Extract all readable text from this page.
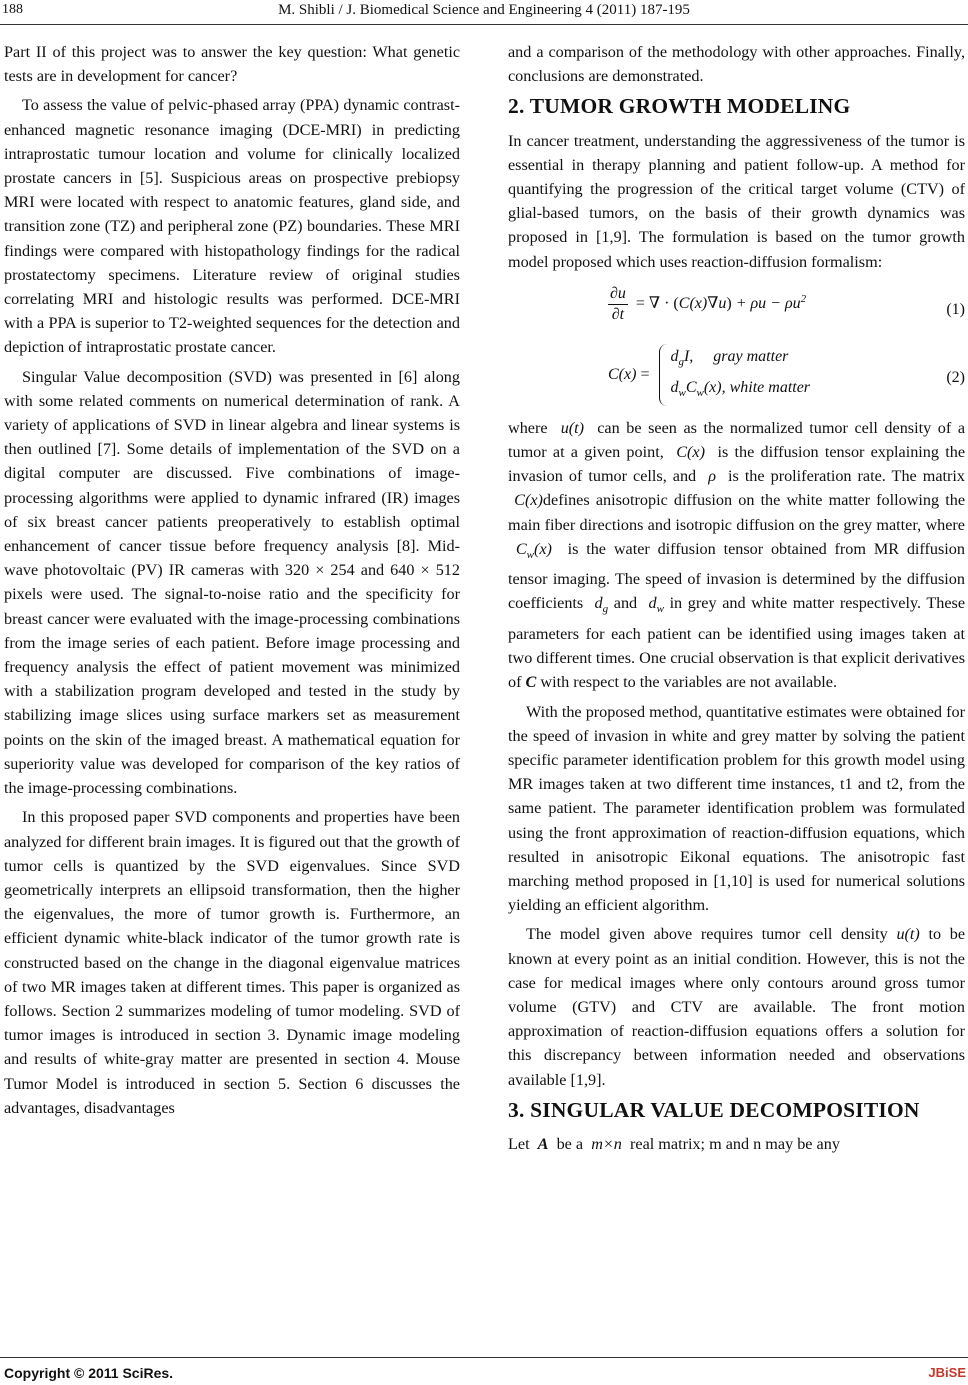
188	M. Shibli / J. Biomedical Science and Engineering 4 (2011) 187-195

Part II of this project was to answer the key question: What genetic tests are in development for cancer?

To assess the value of pelvic-phased array (PPA) dynamic contrast-enhanced magnetic resonance imaging (DCE-MRI) in predicting intraprostatic tumour location and volume for clinically localized prostate cancers in [5]. Suspicious areas on prospective prebiopsy MRI were located with respect to anatomic features, gland side, and transition zone (TZ) and peripheral zone (PZ) boundaries. These MRI findings were compared with histopathology findings for the radical prostatectomy specimens. Literature review of original studies correlating MRI and histologic results was performed. DCE-MRI with a PPA is superior to T2-weighted sequences for the detection and depiction of intraprostatic prostate cancer.

Singular Value decomposition (SVD) was presented in [6] along with some related comments on numerical determination of rank. A variety of applications of SVD in linear algebra and linear systems is then outlined [7]. Some details of implementation of the SVD on a digital computer are discussed. Five combinations of image-processing algorithms were applied to dynamic infrared (IR) images of six breast cancer patients preoperatively to establish optimal enhancement of cancer tissue before frequency analysis [8]. Mid-wave photovoltaic (PV) IR cameras with 320 × 254 and 640 × 512 pixels were used. The signal-to-noise ratio and the specificity for breast cancer were evaluated with the image-processing combinations from the image series of each patient. Before image processing and frequency analysis the effect of patient movement was minimized with a stabilization program developed and tested in the study by stabilizing image slices using surface markers set as measurement points on the skin of the imaged breast. A mathematical equation for superiority value was developed for comparison of the key ratios of the image-processing combinations.

In this proposed paper SVD components and properties have been analyzed for different brain images. It is figured out that the growth of tumor cells is quantized by the SVD eigenvalues. Since SVD geometrically interprets an ellipsoid transformation, then the higher the eigenvalues, the more of tumor growth is. Furthermore, an efficient dynamic white-black indicator of the tumor growth rate is constructed based on the change in the diagonal eigenvalue matrices of two MR images taken at different times. This paper is organized as follows. Section 2 summarizes modeling of tumor modeling. SVD of tumor images is introduced in section 3. Dynamic image modeling and results of white-gray matter are presented in section 4. Mouse Tumor Model is introduced in section 5. Section 6 discusses the advantages, disadvantages

and a comparison of the methodology with other approaches. Finally, conclusions are demonstrated.

2. TUMOR GROWTH MODELING

In cancer treatment, understanding the aggressiveness of the tumor is essential in therapy planning and patient follow-up. A method for quantifying the progression of the critical target volume (CTV) of glial-based tumors, on the basis of their growth dynamics was proposed in [1,9]. The formulation is based on the tumor growth model proposed which uses reaction-diffusion formalism:

$\frac{\partial u}{\partial t}$ = ∇ · $(C(x)\nabla u) + \rho u - \rho u^2$
(1)
C(x) =
$d_gI$,     gray matter
$d_wC_w(x)$, white matter
(2)

where  u(t)  can be seen as the normalized tumor cell density of a tumor at a given point,  C(x)  is the diffusion tensor explaining the invasion of tumor cells, and  ρ  is the proliferation rate. The matrix  C(x)defines anisotropic diffusion on the white matter following the main fiber directions and isotropic diffusion on the grey matter, where  $C_w(x)$  is the water diffusion tensor obtained from MR diffusion tensor imaging. The speed of invasion is determined by the diffusion coefficients  $d_g$ and  $d_w$ in grey and white matter respectively. These parameters for each patient can be identified using images taken at two different times. One crucial observation is that explicit derivatives of C with respect to the variables are not available.

With the proposed method, quantitative estimates were obtained for the speed of invasion in white and grey matter by solving the patient specific parameter identification problem for this growth model using MR images taken at two different time instances, t1 and t2, from the same patient. The parameter identification problem was formulated using the front approximation of reaction-diffusion equations, which resulted in anisotropic Eikonal equations. The anisotropic fast marching method proposed in [1,10] is used for numerical solutions yielding an efficient algorithm.

The model given above requires tumor cell density u(t) to be known at every point as an initial condition. However, this is not the case for medical images where only contours around gross tumor volume (GTV) and CTV are available. The front motion approximation of reaction-diffusion equations offers a solution for this discrepancy between information needed and observations available [1,9].

3. SINGULAR VALUE DECOMPOSITION

Let  A  be a  m×n  real matrix; m and n may be any

Copyright © 2011 SciRes.	JBiSE
